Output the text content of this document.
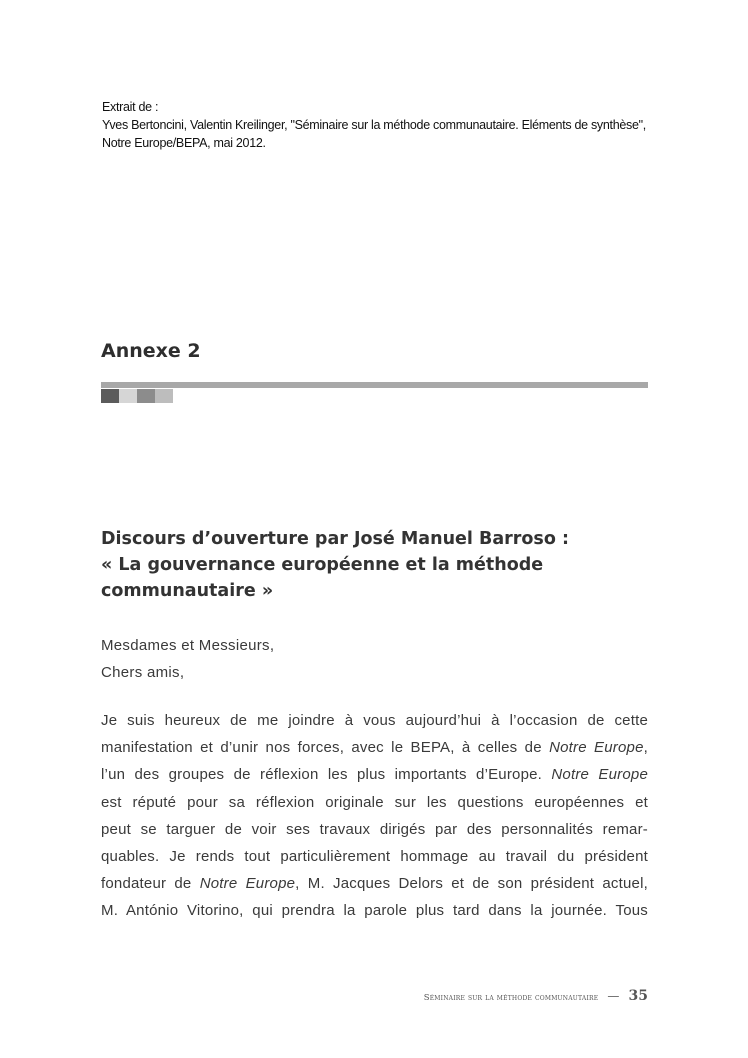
Extrait de :
Yves Bertoncini, Valentin Kreilinger, "Séminaire sur la méthode communautaire. Eléments de synthèse",
Notre Europe/BEPA, mai 2012.
Annexe 2
Discours d’ouverture par José Manuel Barroso :
« La gouvernance européenne et la méthode
communautaire »
Mesdames et Messieurs,
Chers amis,
Je suis heureux de me joindre à vous aujourd’hui à l’occasion de cette
manifestation et d’unir nos forces, avec le BEPA, à celles de Notre Europe,
l’un des groupes de réflexion les plus importants d’Europe. Notre Europe
est réputé pour sa réflexion originale sur les questions européennes et
peut se targuer de voir ses travaux dirigés par des personnalités remar-
quables. Je rends tout particulièrement hommage au travail du président
fondateur de Notre Europe, M. Jacques Delors et de son président actuel,
M. António Vitorino, qui prendra la parole plus tard dans la journée. Tous
Séminaire sur la méthode communautaire — 35
